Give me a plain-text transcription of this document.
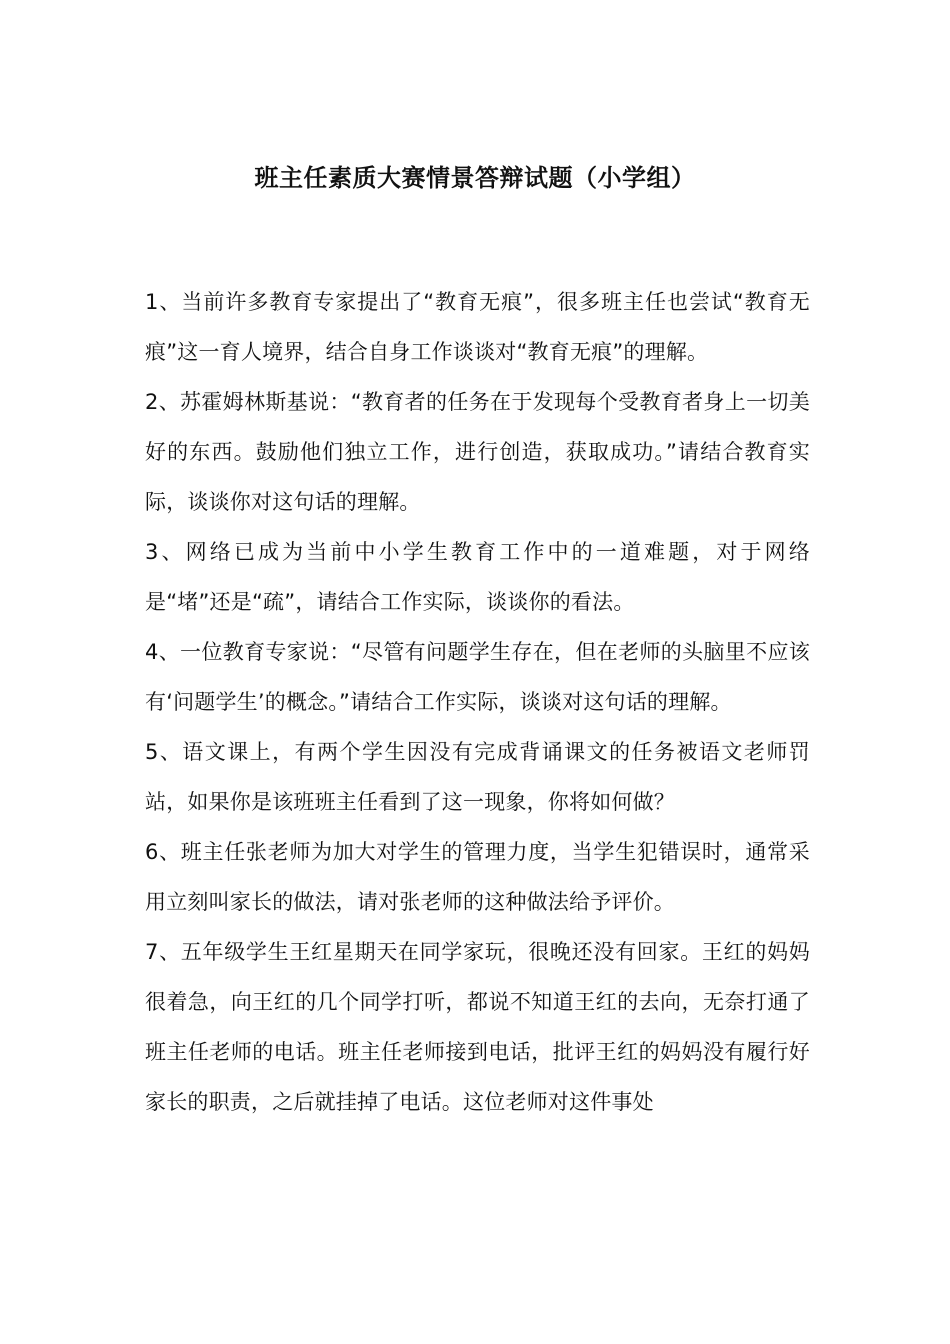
班主任素质大赛情景答辩试题（小学组）

1、当前许多教育专家提出了“教育无痕”，很多班主任也尝试“教育无痕”这一育人境界，结合自身工作谈谈对“教育无痕”的理解。

2、苏霍姆林斯基说：“教育者的任务在于发现每个受教育者身上一切美好的东西。鼓励他们独立工作，进行创造，获取成功。”请结合教育实际，谈谈你对这句话的理解。

3、网络已成为当前中小学生教育工作中的一道难题，对于网络是“堵”还是“疏”，请结合工作实际，谈谈你的看法。

4、一位教育专家说：“尽管有问题学生存在，但在老师的头脑里不应该有‘问题学生’的概念。”请结合工作实际，谈谈对这句话的理解。

5、语文课上，有两个学生因没有完成背诵课文的任务被语文老师罚站，如果你是该班班主任看到了这一现象，你将如何做？

6、班主任张老师为加大对学生的管理力度，当学生犯错误时，通常采用立刻叫家长的做法，请对张老师的这种做法给予评价。

7、五年级学生王红星期天在同学家玩，很晚还没有回家。王红的妈妈很着急，向王红的几个同学打听，都说不知道王红的去向，无奈打通了班主任老师的电话。班主任老师接到电话，批评王红的妈妈没有履行好家长的职责，之后就挂掉了电话。这位老师对这件事处
